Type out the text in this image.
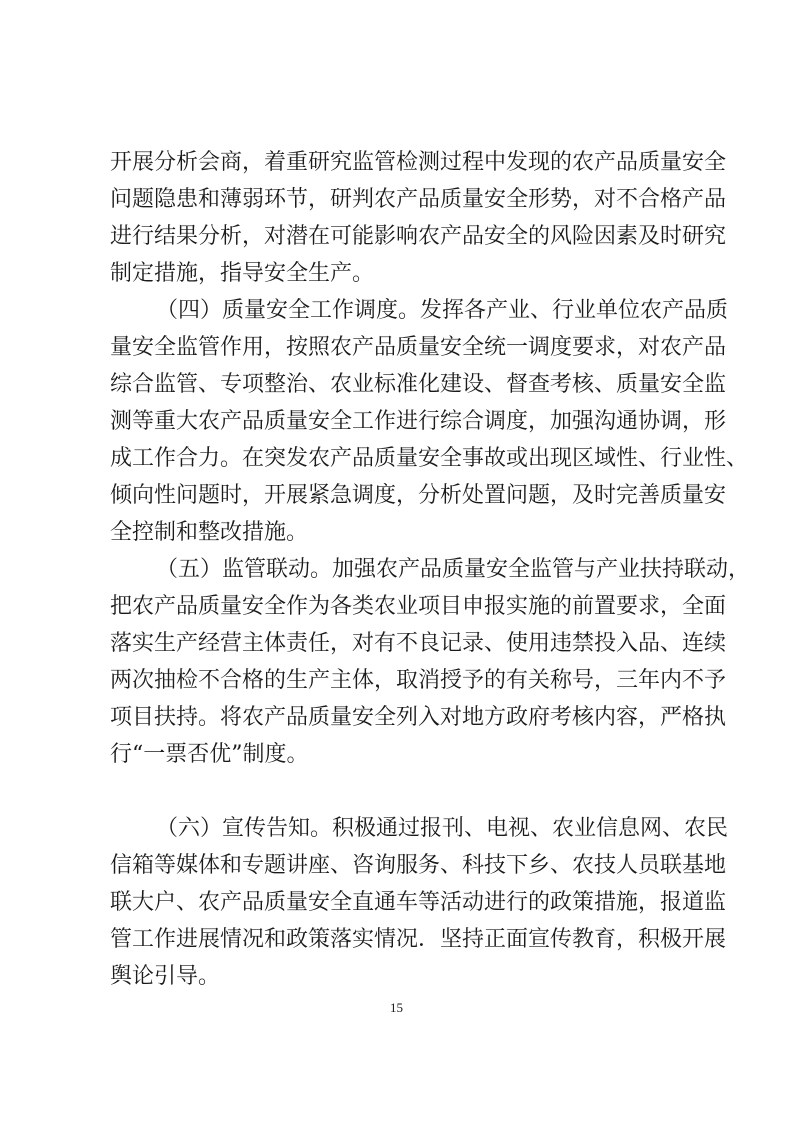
开展分析会商，着重研究监管检测过程中发现的农产品质量安全
问题隐患和薄弱环节，研判农产品质量安全形势，对不合格产品
进行结果分析，对潜在可能影响农产品安全的风险因素及时研究
制定措施，指导安全生产。
（四）质量安全工作调度。发挥各产业、行业单位农产品质
量安全监管作用，按照农产品质量安全统一调度要求，对农产品
综合监管、专项整治、农业标准化建设、督查考核、质量安全监
测等重大农产品质量安全工作进行综合调度，加强沟通协调，形
成工作合力。在突发农产品质量安全事故或出现区域性、行业性、
倾向性问题时，开展紧急调度，分析处置问题，及时完善质量安
全控制和整改措施。
（五）监管联动。加强农产品质量安全监管与产业扶持联动，
把农产品质量安全作为各类农业项目申报实施的前置要求，全面
落实生产经营主体责任，对有不良记录、使用违禁投入品、连续
两次抽检不合格的生产主体，取消授予的有关称号，三年内不予
项目扶持。将农产品质量安全列入对地方政府考核内容，严格执
行“一票否优”制度。
（六）宣传告知。积极通过报刊、电视、农业信息网、农民
信箱等媒体和专题讲座、咨询服务、科技下乡、农技人员联基地
联大户、农产品质量安全直通车等活动进行的政策措施，报道监
管工作进展情况和政策落实情况．坚持正面宣传教育，积极开展
舆论引导。
15
